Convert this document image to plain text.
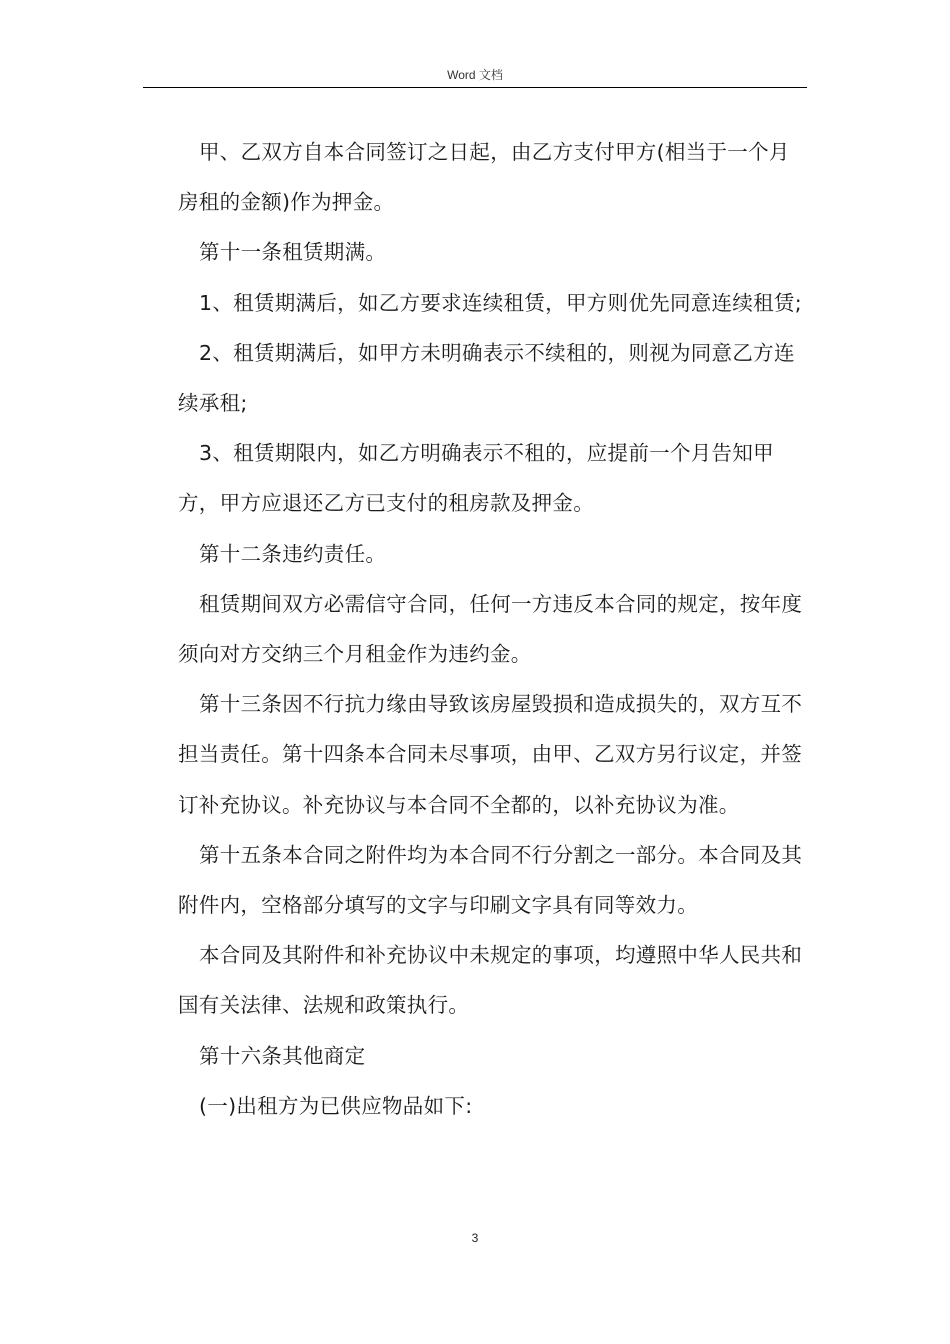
Word 文档

甲、乙双方自本合同签订之日起，由乙方支付甲方(相当于一个月房租的金额)作为押金。

第十一条租赁期满。

1、租赁期满后，如乙方要求连续租赁，甲方则优先同意连续租赁;

2、租赁期满后，如甲方未明确表示不续租的，则视为同意乙方连续承租;

3、租赁期限内，如乙方明确表示不租的，应提前一个月告知甲方，甲方应退还乙方已支付的租房款及押金。

第十二条违约责任。

租赁期间双方必需信守合同，任何一方违反本合同的规定，按年度须向对方交纳三个月租金作为违约金。

第十三条因不行抗力缘由导致该房屋毁损和造成损失的，双方互不担当责任。第十四条本合同未尽事项，由甲、乙双方另行议定，并签订补充协议。补充协议与本合同不全都的，以补充协议为准。

第十五条本合同之附件均为本合同不行分割之一部分。本合同及其附件内，空格部分填写的文字与印刷文字具有同等效力。

本合同及其附件和补充协议中未规定的事项，均遵照中华人民共和国有关法律、法规和政策执行。

第十六条其他商定

(一)出租方为已供应物品如下:

3
